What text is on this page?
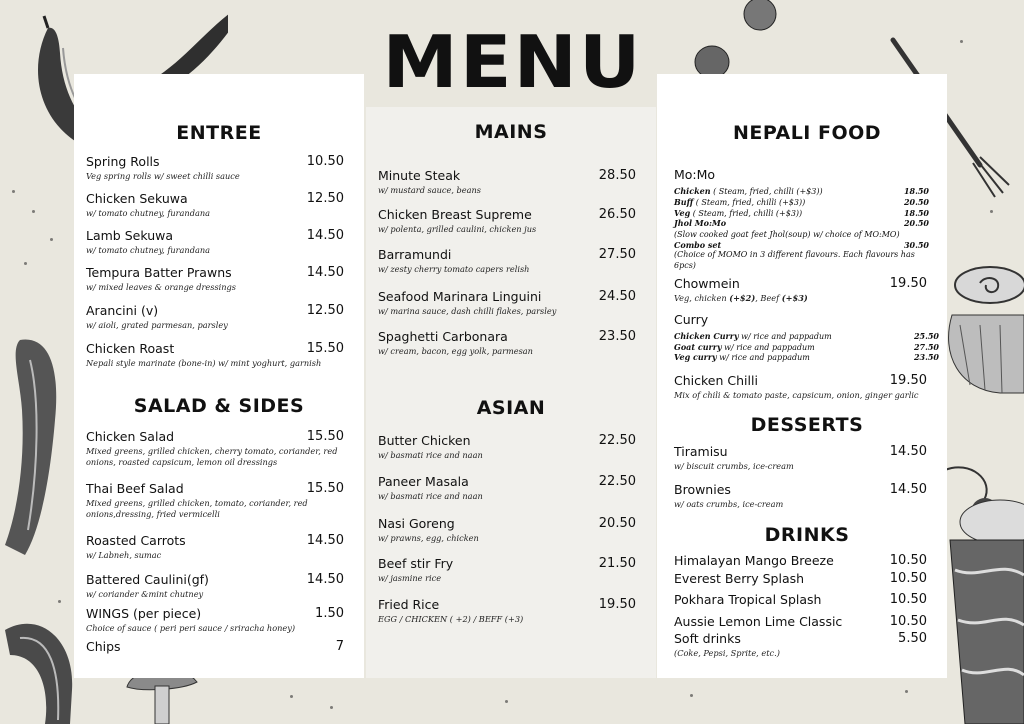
MENU
ENTREE
Spring Rolls	10.50
Veg spring rolls w/ sweet chilli sauce
Chicken Sekuwa	12.50
w/ tomato chutney, furandana
Lamb Sekuwa	14.50
w/ tomato chutney, furandana
Tempura Batter Prawns	14.50
w/ mixed leaves & orange dressings
Arancini (v)	12.50
w/ aioli, grated parmesan, parsley
Chicken Roast	15.50
Nepali style marinate (bone-in) w/ mint yoghurt, garnish
SALAD & SIDES
Chicken Salad	15.50
Mixed greens, grilled chicken, cherry tomato, coriander, red onions, roasted capsicum, lemon oil dressings
Thai Beef Salad	15.50
Mixed greens, grilled chicken, tomato, coriander, red onions,dressing, fried vermicelli
Roasted Carrots	14.50
w/ Labneh, sumac
Battered Caulini(gf)	14.50
w/ coriander &mint chutney
WINGS (per piece)	1.50
Choice of sauce ( peri peri sauce / sriracha honey)
Chips	7
MAINS
Minute Steak	28.50
w/ mustard sauce, beans
Chicken Breast Supreme	26.50
w/ polenta, grilled caulini, chicken jus
Barramundi	27.50
w/ zesty cherry tomato capers relish
Seafood Marinara Linguini	24.50
w/ marina sauce, dash chilli flakes, parsley
Spaghetti Carbonara	23.50
w/ cream, bacon, egg yolk, parmesan
ASIAN
Butter Chicken	22.50
w/ basmati rice and naan
Paneer Masala	22.50
w/ basmati rice and naan
Nasi Goreng	20.50
w/ prawns, egg, chicken
Beef stir Fry	21.50
w/ jasmine rice
Fried Rice	19.50
EGG / CHICKEN ( +2) / BEFF (+3)
NEPALI FOOD
Mo:Mo
Chicken ( Steam, fried, chilli (+$3))	18.50
Buff ( Steam, fried, chilli (+$3))	20.50
Veg ( Steam, fried, chilli (+$3))	18.50
Jhol Mo:Mo	20.50
(Slow cooked goat feet Jhol(soup) w/ choice of MO:MO)
Combo set	30.50
(Choice of MOMO in 3 different flavours. Each flavours has 6pcs)
Chowmein	19.50
Veg, chicken (+$2), Beef (+$3)
Curry
Chicken Curry w/ rice and pappadum	25.50
Goat curry w/ rice and pappadum	27.50
Veg curry w/ rice and pappadum	23.50
Chicken Chilli	19.50
Mix of chili & tomato paste, capsicum, onion, ginger garlic
DESSERTS
Tiramisu	14.50
w/ biscuit crumbs, ice-cream
Brownies	14.50
w/ oats crumbs, ice-cream
DRINKS
Himalayan Mango Breeze	10.50
Everest Berry Splash	10.50
Pokhara Tropical Splash	10.50
Aussie Lemon Lime Classic	10.50
Soft drinks	5.50
(Coke, Pepsi, Sprite, etc.)
